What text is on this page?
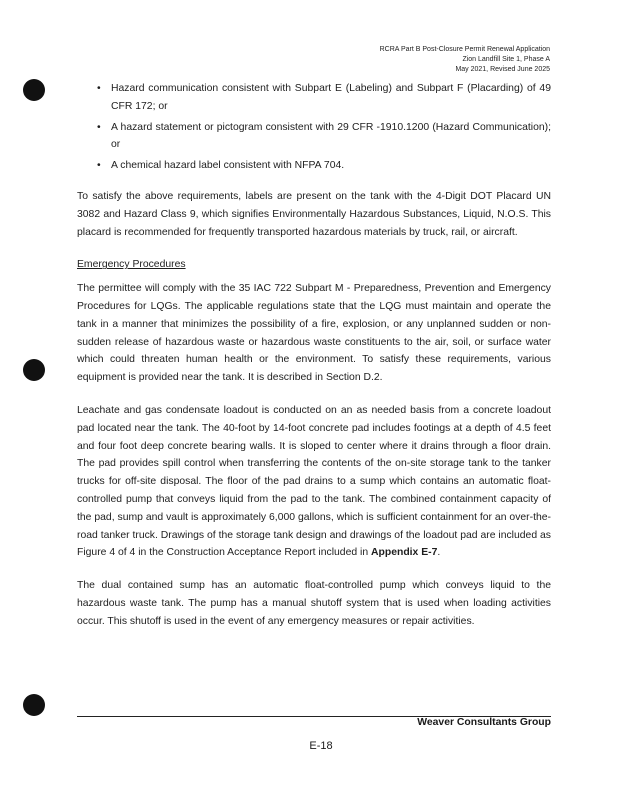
RCRA Part B Post-Closure Permit Renewal Application
Zion Landfill Site 1, Phase A
May 2021, Revised June 2025
• Hazard communication consistent with Subpart E (Labeling) and Subpart F (Placarding) of 49 CFR 172; or
• A hazard statement or pictogram consistent with 29 CFR -1910.1200 (Hazard Communication); or
• A chemical hazard label consistent with NFPA 704.

To satisfy the above requirements, labels are present on the tank with the 4-Digit DOT Placard UN 3082 and Hazard Class 9, which signifies Environmentally Hazardous Substances, Liquid, N.O.S. This placard is recommended for frequently transported hazardous materials by truck, rail, or aircraft.

Emergency Procedures

The permittee will comply with the 35 IAC 722 Subpart M - Preparedness, Prevention and Emergency Procedures for LQGs. The applicable regulations state that the LQG must maintain and operate the tank in a manner that minimizes the possibility of a fire, explosion, or any unplanned sudden or non-sudden release of hazardous waste or hazardous waste constituents to the air, soil, or surface water which could threaten human health or the environment. To satisfy these requirements, various equipment is provided near the tank. It is described in Section D.2.

Leachate and gas condensate loadout is conducted on an as needed basis from a concrete loadout pad located near the tank. The 40-foot by 14-foot concrete pad includes footings at a depth of 4.5 feet and four foot deep concrete bearing walls. It is sloped to center where it drains through a floor drain. The pad provides spill control when transferring the contents of the on-site storage tank to the tanker trucks for off-site disposal. The floor of the pad drains to a sump which contains an automatic float-controlled pump that conveys liquid from the pad to the tank. The combined containment capacity of the pad, sump and vault is approximately 6,000 gallons, which is sufficient containment for an over-the-road tanker truck. Drawings of the storage tank design and drawings of the loadout pad are included as Figure 4 of 4 in the Construction Acceptance Report included in Appendix E-7.

The dual contained sump has an automatic float-controlled pump which conveys liquid to the hazardous waste tank. The pump has a manual shutoff system that is used when loading activities occur. This shutoff is used in the event of any emergency measures or repair activities.

Weaver Consultants Group
E-18
